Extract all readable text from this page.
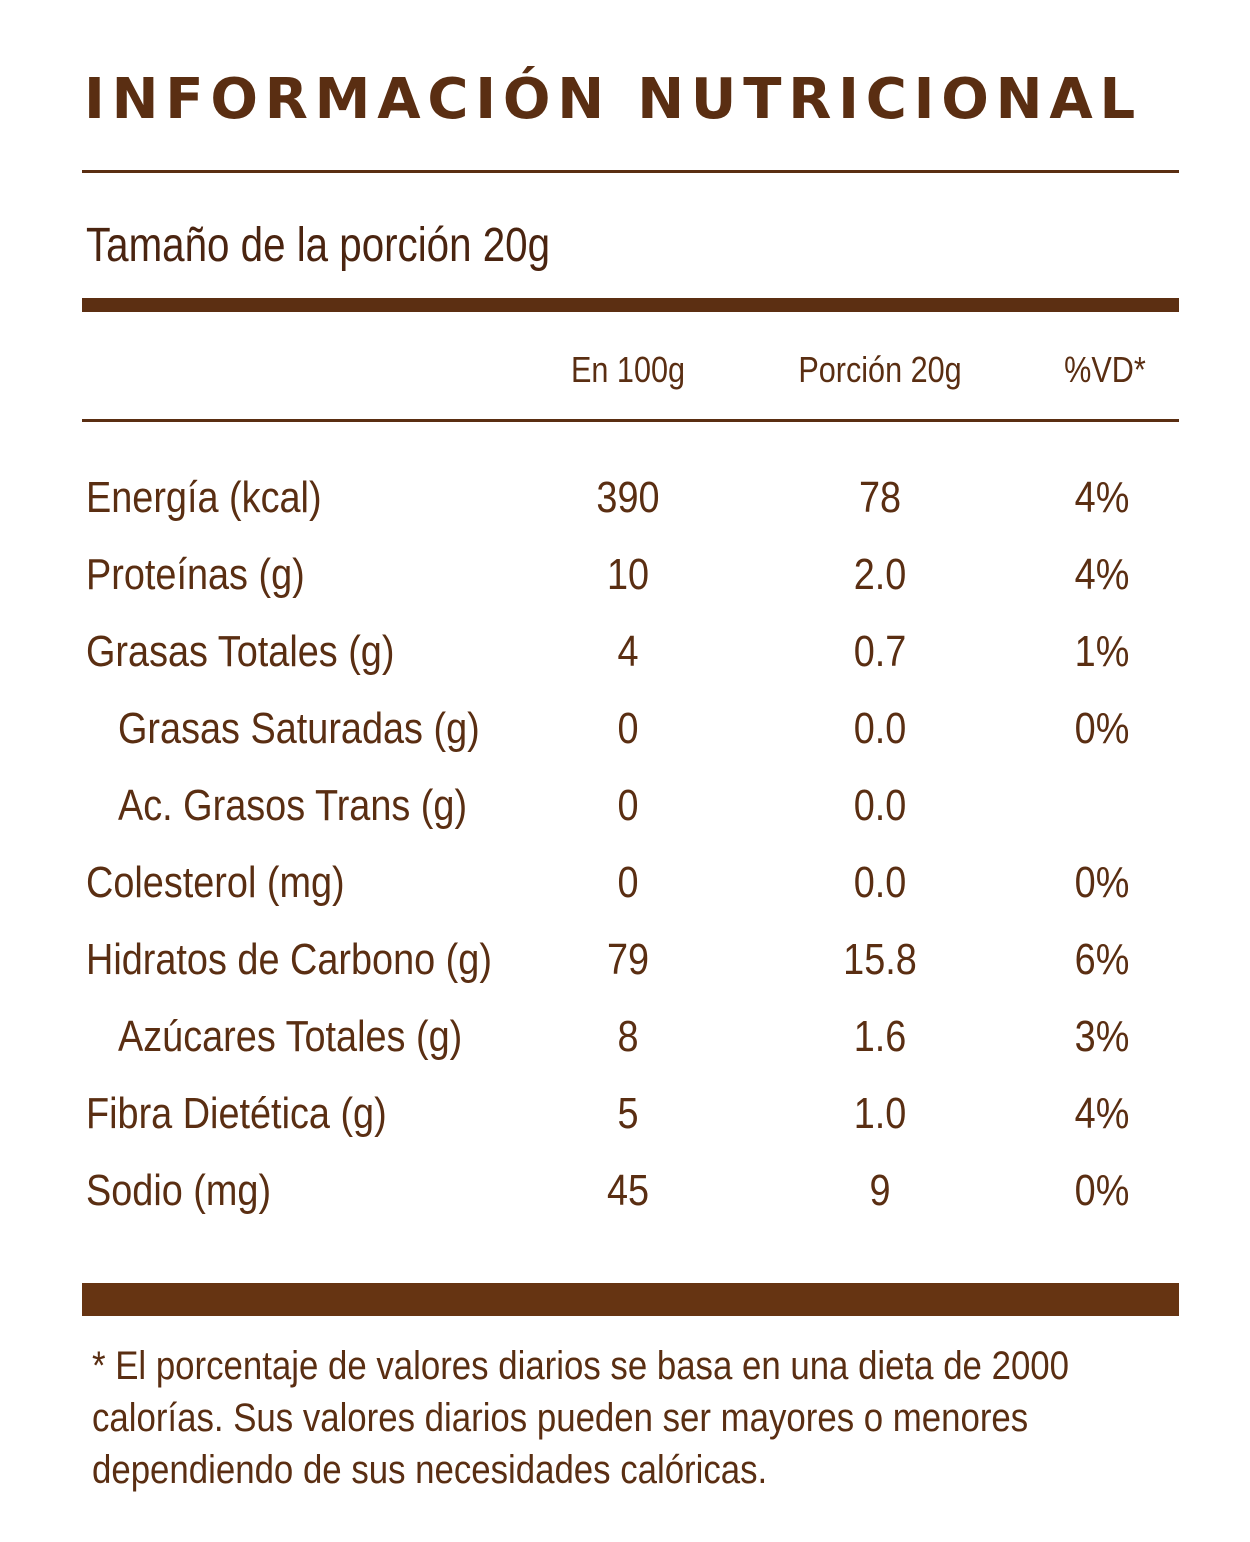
INFORMACIÓN NUTRICIONAL
Tamaño de la porción 20g
En 100g	Porción 20g	%VD*
Energía (kcal)	390	78	4%
Proteínas (g)	10	2.0	4%
Grasas Totales (g)	4	0.7	1%
Grasas Saturadas (g)	0	0.0	0%
Ac. Grasos Trans (g)	0	0.0
Colesterol (mg)	0	0.0	0%
Hidratos de Carbono (g)	79	15.8	6%
Azúcares Totales (g)	8	1.6	3%
Fibra Dietética (g)	5	1.0	4%
Sodio (mg)	45	9	0%
* El porcentaje de valores diarios se basa en una dieta de 2000
calorías. Sus valores diarios pueden ser mayores o menores
dependiendo de sus necesidades calóricas.
